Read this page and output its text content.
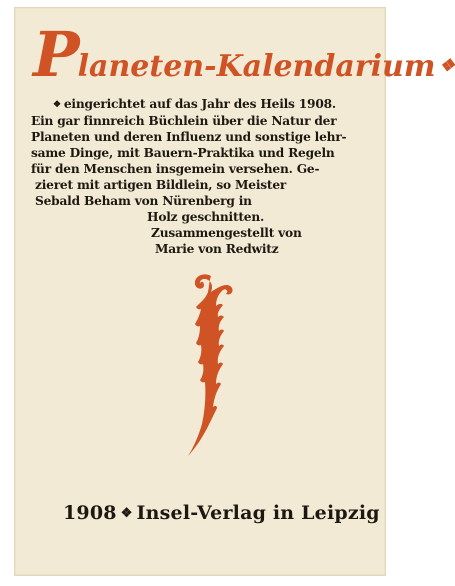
Planeten-Kalendarium ❖
❖ eingerichtet auf das Jahr des Heils 1908.
Ein gar finnreich Büchlein über die Natur der
Planeten und deren Influenz und sonstige lehr-
same Dinge, mit Bauern-Praktika und Regeln
für den Menschen insgemein versehen. Ge-
zieret mit artigen Bildlein, so Meister
Sebald Beham von Nürenberg in
Holz geschnitten.
Zusammengestellt von
Marie von Redwitz
1908 ❖ Insel-Verlag in Leipzig
